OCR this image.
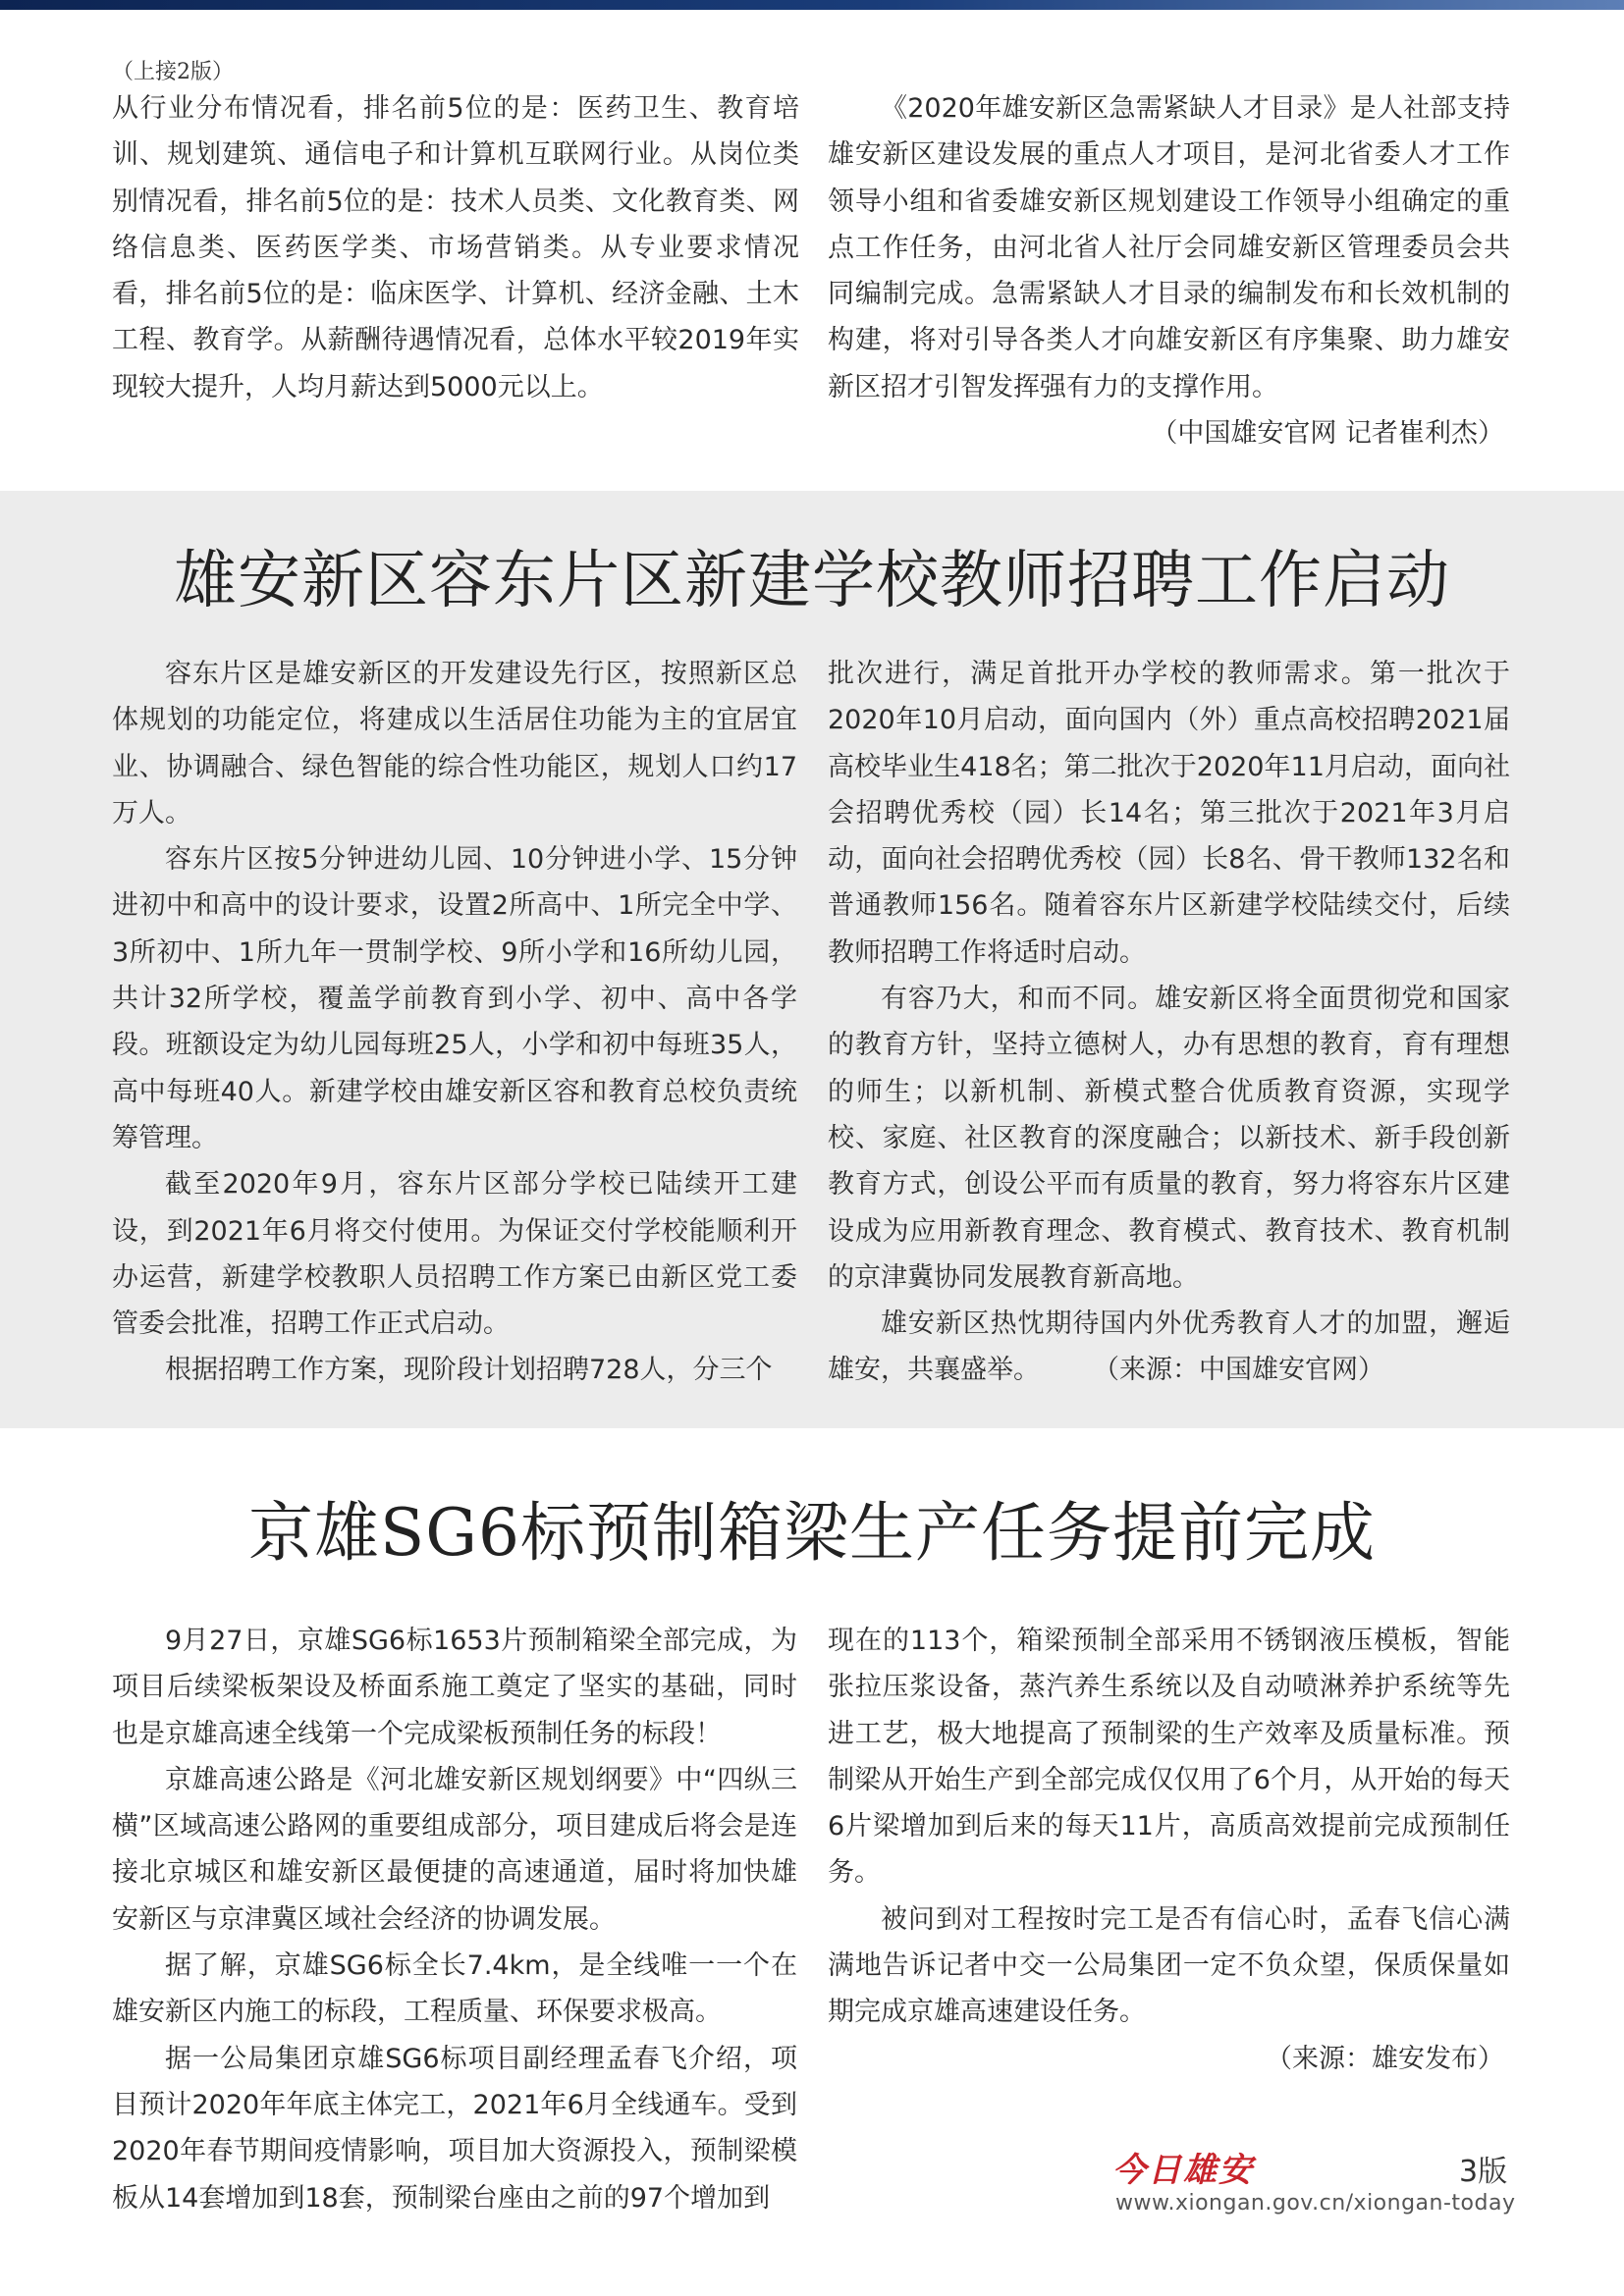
（上接2版）

从行业分布情况看，排名前5位的是：医药卫生、教育培训、规划建筑、通信电子和计算机互联网行业。从岗位类别情况看，排名前5位的是：技术人员类、文化教育类、网络信息类、医药医学类、市场营销类。从专业要求情况看，排名前5位的是：临床医学、计算机、经济金融、土木工程、教育学。从薪酬待遇情况看，总体水平较2019年实现较大提升，人均月薪达到5000元以上。

《2020年雄安新区急需紧缺人才目录》是人社部支持雄安新区建设发展的重点人才项目，是河北省委人才工作领导小组和省委雄安新区规划建设工作领导小组确定的重点工作任务，由河北省人社厅会同雄安新区管理委员会共同编制完成。急需紧缺人才目录的编制发布和长效机制的构建，将对引导各类人才向雄安新区有序集聚、助力雄安新区招才引智发挥强有力的支撑作用。

（中国雄安官网 记者崔利杰）

雄安新区容东片区新建学校教师招聘工作启动

容东片区是雄安新区的开发建设先行区，按照新区总体规划的功能定位，将建成以生活居住功能为主的宜居宜业、协调融合、绿色智能的综合性功能区，规划人口约17万人。

容东片区按5分钟进幼儿园、10分钟进小学、15分钟进初中和高中的设计要求，设置2所高中、1所完全中学、3所初中、1所九年一贯制学校、9所小学和16所幼儿园，共计32所学校，覆盖学前教育到小学、初中、高中各学段。班额设定为幼儿园每班25人，小学和初中每班35人，高中每班40人。新建学校由雄安新区容和教育总校负责统筹管理。

截至2020年9月，容东片区部分学校已陆续开工建设，到2021年6月将交付使用。为保证交付学校能顺利开办运营，新建学校教职人员招聘工作方案已由新区党工委管委会批准，招聘工作正式启动。

根据招聘工作方案，现阶段计划招聘728人，分三个

批次进行，满足首批开办学校的教师需求。第一批次于2020年10月启动，面向国内（外）重点高校招聘2021届高校毕业生418名；第二批次于2020年11月启动，面向社会招聘优秀校（园）长14名；第三批次于2021年3月启动，面向社会招聘优秀校（园）长8名、骨干教师132名和普通教师156名。随着容东片区新建学校陆续交付，后续教师招聘工作将适时启动。

有容乃大，和而不同。雄安新区将全面贯彻党和国家的教育方针，坚持立德树人，办有思想的教育，育有理想的师生；以新机制、新模式整合优质教育资源，实现学校、家庭、社区教育的深度融合；以新技术、新手段创新教育方式，创设公平而有质量的教育，努力将容东片区建设成为应用新教育理念、教育模式、教育技术、教育机制的京津冀协同发展教育新高地。

雄安新区热忱期待国内外优秀教育人才的加盟，邂逅雄安，共襄盛举。　　　（来源：中国雄安官网）

京雄SG6标预制箱梁生产任务提前完成

9月27日，京雄SG6标1653片预制箱梁全部完成，为项目后续梁板架设及桥面系施工奠定了坚实的基础，同时也是京雄高速全线第一个完成梁板预制任务的标段！

京雄高速公路是《河北雄安新区规划纲要》中“四纵三横”区域高速公路网的重要组成部分，项目建成后将会是连接北京城区和雄安新区最便捷的高速通道，届时将加快雄安新区与京津冀区域社会经济的协调发展。

据了解，京雄SG6标全长7.4km，是全线唯一一个在雄安新区内施工的标段，工程质量、环保要求极高。

据一公局集团京雄SG6标项目副经理孟春飞介绍，项目预计2020年年底主体完工，2021年6月全线通车。受到2020年春节期间疫情影响，项目加大资源投入，预制梁模板从14套增加到18套，预制梁台座由之前的97个增加到

现在的113个，箱梁预制全部采用不锈钢液压模板，智能张拉压浆设备，蒸汽养生系统以及自动喷淋养护系统等先进工艺，极大地提高了预制梁的生产效率及质量标准。预制梁从开始生产到全部完成仅仅用了6个月，从开始的每天6片梁增加到后来的每天11片，高质高效提前完成预制任务。

被问到对工程按时完工是否有信心时，孟春飞信心满满地告诉记者中交一公局集团一定不负众望，保质保量如期完成京雄高速建设任务。

（来源：雄安发布）

今日雄安	3版
www.xiongan.gov.cn/xiongan-today
